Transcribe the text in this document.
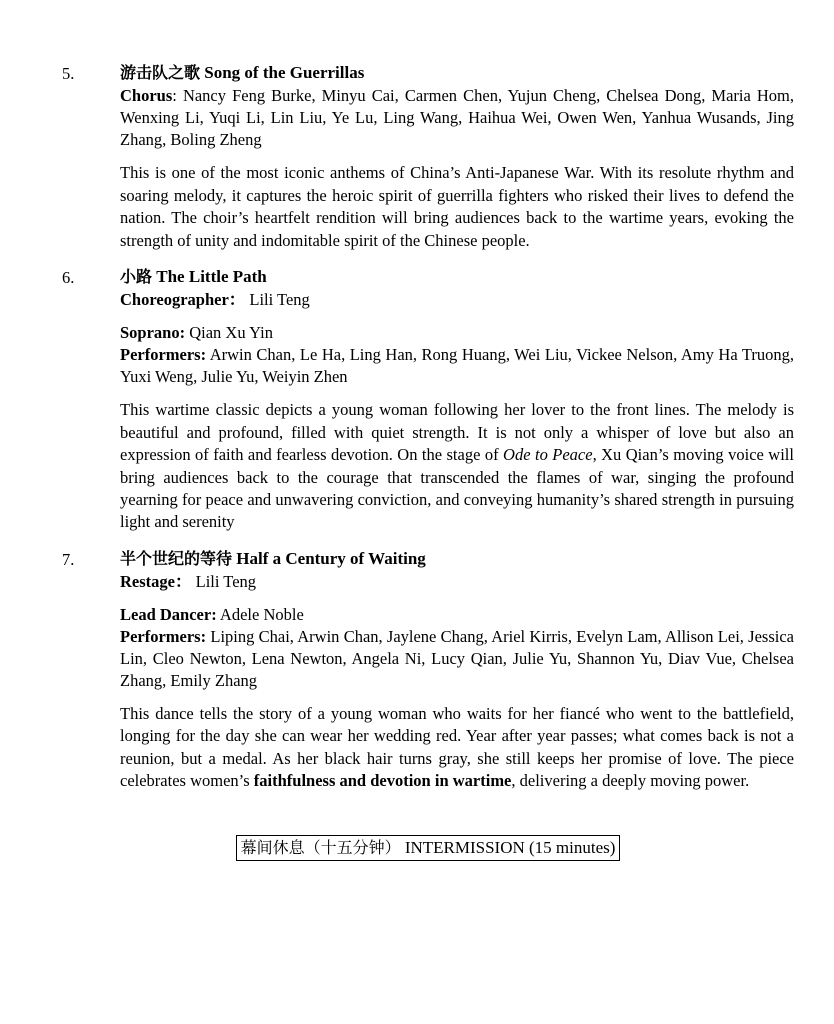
5.	游击队之歌 Song of the Guerrillas
Chorus: Nancy Feng Burke, Minyu Cai, Carmen Chen, Yujun Cheng, Chelsea Dong, Maria Hom, Wenxing Li, Yuqi Li, Lin Liu, Ye Lu, Ling Wang, Haihua Wei, Owen Wen, Yanhua Wusands, Jing Zhang, Boling Zheng
This is one of the most iconic anthems of China’s Anti-Japanese War. With its resolute rhythm and soaring melody, it captures the heroic spirit of guerrilla fighters who risked their lives to defend the nation. The choir’s heartfelt rendition will bring audiences back to the wartime years, evoking the strength of unity and indomitable spirit of the Chinese people.
6.	小路 The Little Path
Choreographer： Lili Teng
Soprano: Qian Xu Yin
Performers: Arwin Chan, Le Ha, Ling Han, Rong Huang, Wei Liu, Vickee Nelson, Amy Ha Truong, Yuxi Weng, Julie Yu, Weiyin Zhen
This wartime classic depicts a young woman following her lover to the front lines. The melody is beautiful and profound, filled with quiet strength. It is not only a whisper of love but also an expression of faith and fearless devotion. On the stage of Ode to Peace, Xu Qian’s moving voice will bring audiences back to the courage that transcended the flames of war, singing the profound yearning for peace and unwavering conviction, and conveying humanity’s shared strength in pursuing light and serenity
7.	半个世纪的等待 Half a Century of Waiting
Restage： Lili Teng
Lead Dancer: Adele Noble
Performers: Liping Chai, Arwin Chan, Jaylene Chang, Ariel Kirris, Evelyn Lam, Allison Lei, Jessica Lin, Cleo Newton, Lena Newton, Angela Ni, Lucy Qian, Julie Yu, Shannon Yu, Diav Vue, Chelsea Zhang, Emily Zhang
This dance tells the story of a young woman who waits for her fiancé who went to the battlefield, longing for the day she can wear her wedding red. Year after year passes; what comes back is not a reunion, but a medal. As her black hair turns gray, she still keeps her promise of love. The piece celebrates women’s faithfulness and devotion in wartime, delivering a deeply moving power.
幕间休息（十五分钟） INTERMISSION (15 minutes)
